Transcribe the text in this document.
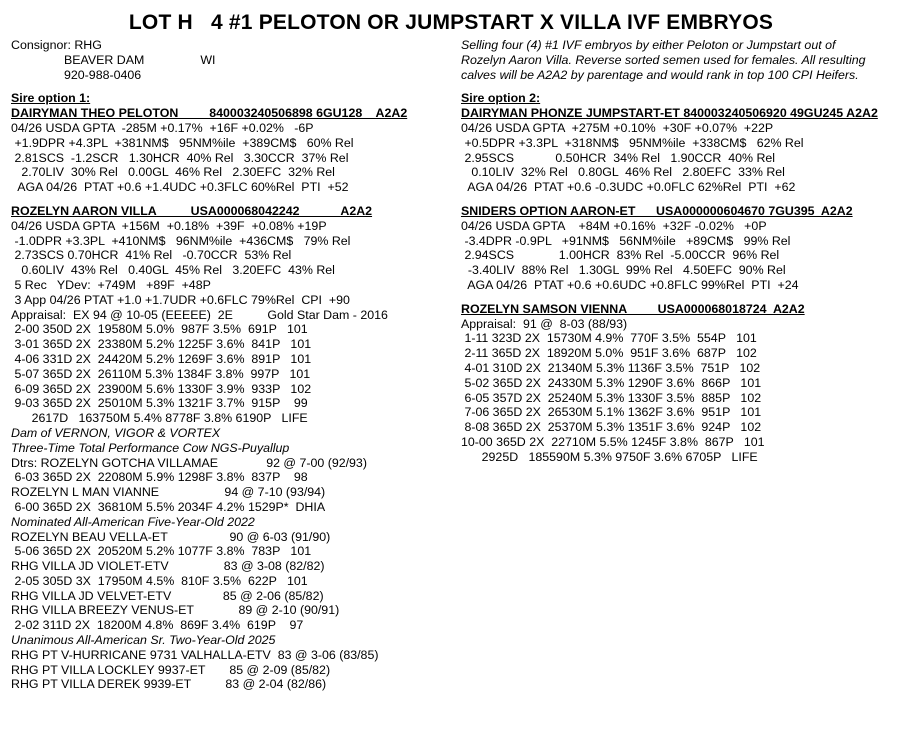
LOT H   4 #1 PELOTON OR JUMPSTART X VILLA IVF EMBRYOS
Consignor: RHG
BEAVER DAM	WI
920-988-0406
Sire option 1:
DAIRYMAN THEO PELOTON         840003240506898 6GU128    A2A2
04/26 USDA GPTA  -285M +0.17%  +16F +0.02%   -6P
+1.9DPR +4.3PL  +381NM$   95NM%ile  +389CM$   60% Rel
2.81SCS  -1.2SCR   1.30HCR  40% Rel   3.30CCR  37% Rel
2.70LIV  30% Rel   0.00GL  46% Rel   2.30EFC  32% Rel
AGA 04/26  PTAT +0.6 +1.4UDC +0.3FLC 60%Rel  PTI  +52
ROZELYN AARON VILLA          USA000068042242            A2A2
04/26 USDA GPTA  +156M  +0.18%  +39F  +0.08% +19P
-1.0DPR +3.3PL  +410NM$   96NM%ile  +436CM$   79% Rel
2.73SCS 0.70HCR  41% Rel   -0.70CCR  53% Rel
0.60LIV  43% Rel   0.40GL  45% Rel   3.20EFC  43% Rel
5 Rec   YDev:  +749M   +89F  +48P
3 App 04/26 PTAT +1.0 +1.7UDR +0.6FLC 79%Rel  CPI  +90
Appraisal:  EX 94 @ 10-05 (EEEEE)  2E          Gold Star Dam - 2016
2-00 350D 2X  19580M 5.0%  987F 3.5%  691P   101
3-01 365D 2X  23380M 5.2% 1225F 3.6%  841P   101
4-06 331D 2X  24420M 5.2% 1269F 3.6%  891P   101
5-07 365D 2X  26110M 5.3% 1384F 3.8%  997P   101
6-09 365D 2X  23900M 5.6% 1330F 3.9%  933P   102
9-03 365D 2X  25010M 5.3% 1321F 3.7%  915P    99
2617D   163750M 5.4% 8778F 3.8% 6190P   LIFE
Dam of VERNON, VIGOR & VORTEX
Three-Time Total Performance Cow NGS-Puyallup
Dtrs: ROZELYN GOTCHA VILLAMAE              92 @ 7-00 (92/93)
6-03 365D 2X  22080M 5.9% 1298F 3.8%  837P    98
ROZELYN L MAN VIANNE                   94 @ 7-10 (93/94)
6-00 365D 2X  36810M 5.5% 2034F 4.2% 1529P*  DHIA
Nominated All-American Five-Year-Old 2022
ROZELYN BEAU VELLA-ET                  90 @ 6-03 (91/90)
5-06 365D 2X  20520M 5.2% 1077F 3.8%  783P   101
RHG VILLA JD VIOLET-ETV                83 @ 3-08 (82/82)
2-05 305D 3X  17950M 4.5%  810F 3.5%  622P   101
RHG VILLA JD VELVET-ETV               85 @ 2-06 (85/82)
RHG VILLA BREEZY VENUS-ET             89 @ 2-10 (90/91)
2-02 311D 2X  18200M 4.8%  869F 3.4%  619P    97
Unanimous All-American Sr. Two-Year-Old 2025
RHG PT V-HURRICANE 9731 VALHALLA-ETV  83 @ 3-06 (83/85)
RHG PT VILLA LOCKLEY 9937-ET       85 @ 2-09 (85/82)
RHG PT VILLA DEREK 9939-ET          83 @ 2-04 (82/86)
Selling four (4) #1 IVF embryos by either Peloton or Jumpstart out of
Rozelyn Aaron Villa. Reverse sorted semen used for females. All resulting
calves will be A2A2 by parentage and would rank in top 100 CPI Heifers.
Sire option 2:
DAIRYMAN PHONZE JUMPSTART-ET 840003240506920 49GU245 A2A2
04/26 USDA GPTA  +275M +0.10%  +30F +0.07%  +22P
+0.5DPR +3.3PL  +318NM$   95NM%ile  +338CM$   62% Rel
2.95SCS            0.50HCR  34% Rel   1.90CCR  40% Rel
0.10LIV  32% Rel   0.80GL  46% Rel   2.80EFC  33% Rel
AGA 04/26  PTAT +0.6 -0.3UDC +0.0FLC 62%Rel  PTI  +62
SNIDERS OPTION AARON-ET      USA000000604670 7GU395  A2A2
04/26 USDA GPTA    +84M +0.16%  +32F -0.02%   +0P
-3.4DPR -0.9PL   +91NM$   56NM%ile   +89CM$   99% Rel
2.94SCS             1.00HCR  83% Rel  -5.00CCR  96% Rel
-3.40LIV  88% Rel   1.30GL  99% Rel   4.50EFC  90% Rel
AGA 04/26  PTAT +0.6 +0.6UDC +0.8FLC 99%Rel  PTI  +24
ROZELYN SAMSON VIENNA         USA000068018724  A2A2
Appraisal:  91 @  8-03 (88/93)
1-11 323D 2X  15730M 4.9%  770F 3.5%  554P   101
2-11 365D 2X  18920M 5.0%  951F 3.6%  687P   102
4-01 310D 2X  21340M 5.3% 1136F 3.5%  751P   102
5-02 365D 2X  24330M 5.3% 1290F 3.6%  866P   101
6-05 357D 2X  25240M 5.3% 1330F 3.5%  885P   102
7-06 365D 2X  26530M 5.1% 1362F 3.6%  951P   101
8-08 365D 2X  25370M 5.3% 1351F 3.6%  924P   102
10-00 365D 2X  22710M 5.5% 1245F 3.8%  867P   101
2925D   185590M 5.3% 9750F 3.6% 6705P   LIFE
